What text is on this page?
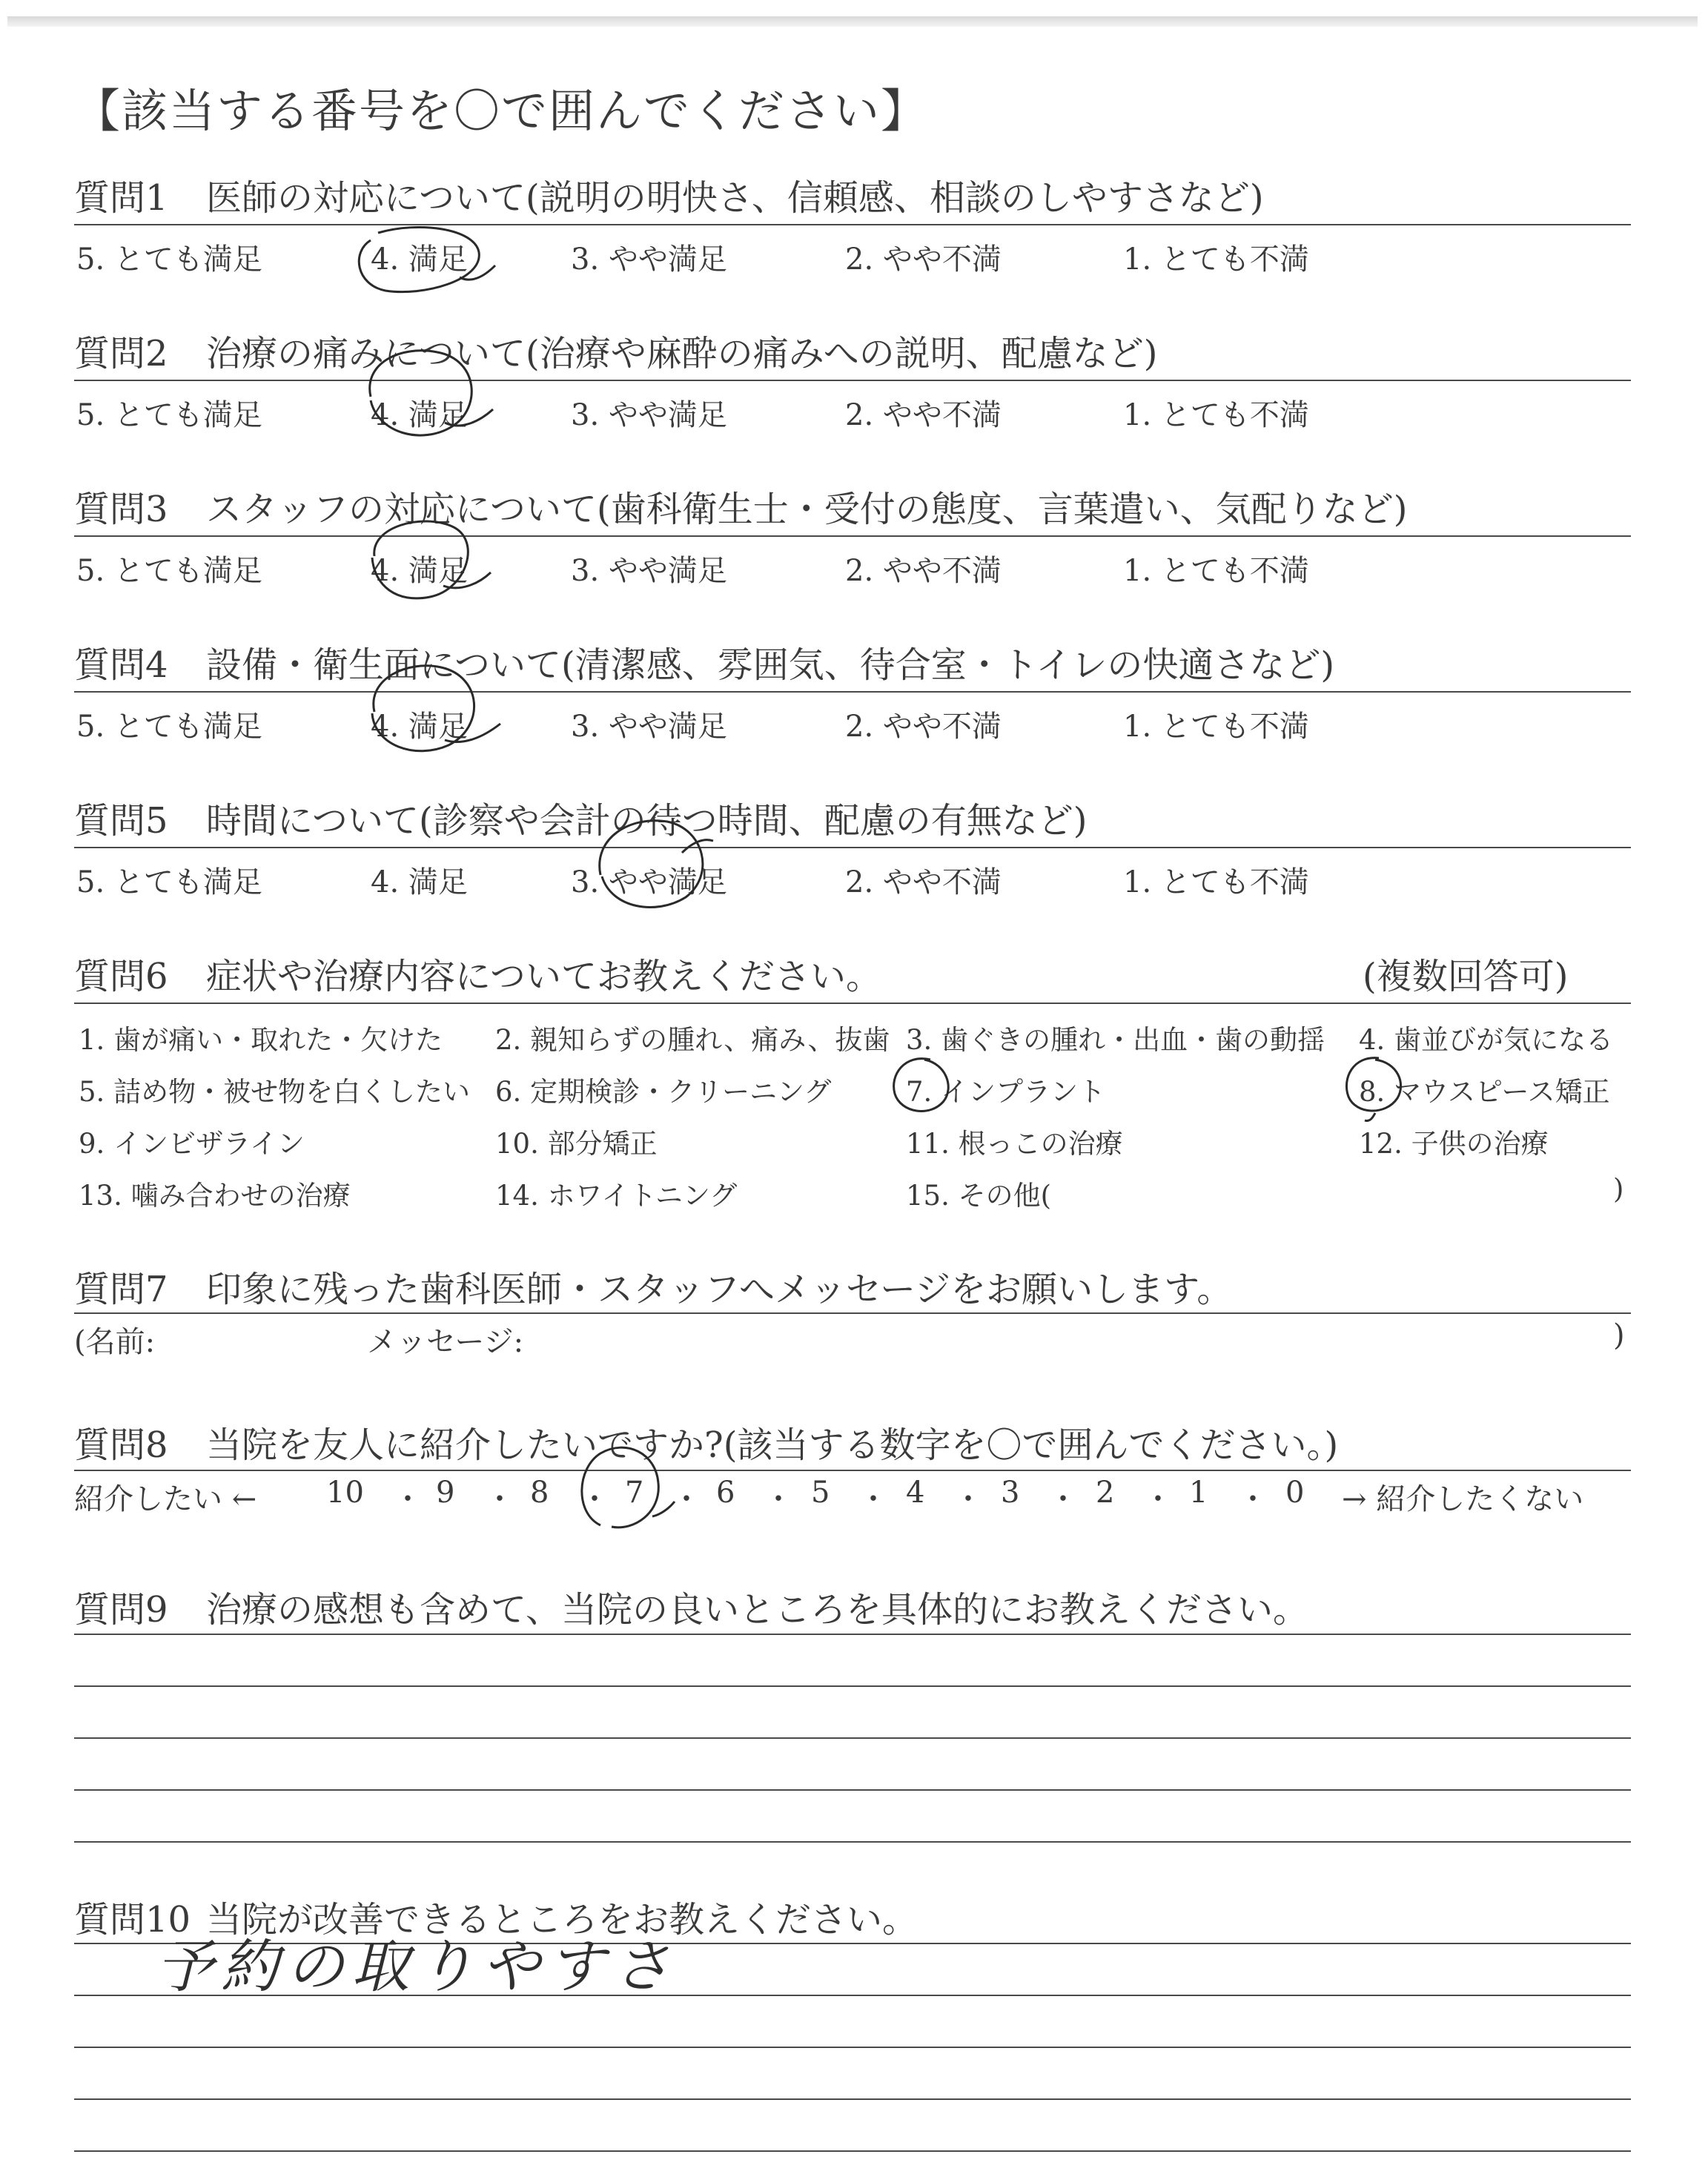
【該当する番号を〇で囲んでください】
質問1 医師の対応について(説明の明快さ、信頼感、相談のしやすさなど)
5. とても満足	4. 満足	3. やや満足	2. やや不満	1. とても不満
質問2 治療の痛みについて(治療や麻酔の痛みへの説明、配慮など)
5. とても満足	4. 満足	3. やや満足	2. やや不満	1. とても不満
質問3 スタッフの対応について(歯科衛生士・受付の態度、言葉遣い、気配りなど)
5. とても満足	4. 満足	3. やや満足	2. やや不満	1. とても不満
質問4 設備・衛生面について(清潔感、雰囲気、待合室・トイレの快適さなど)
5. とても満足	4. 満足	3. やや満足	2. やや不満	1. とても不満
質問5 時間について(診察や会計の待つ時間、配慮の有無など)
5. とても満足	4. 満足	3. やや満足	2. やや不満	1. とても不満
質問6 症状や治療内容についてお教えください。	(複数回答可)
1. 歯が痛い・取れた・欠けた 2. 親知らずの腫れ、痛み、抜歯 3. 歯ぐきの腫れ・出血・歯の動揺 4. 歯並びが気になる
5. 詰め物・被せ物を白くしたい 6. 定期検診・クリーニング	7. インプラント	8. マウスピース矯正
9. インビザライン	10. 部分矯正	11. 根っこの治療	12. 子供の治療
13. 噛み合わせの治療	14. ホワイトニング	15. その他(	)
質問7 印象に残った歯科医師・スタッフへメッセージをお願いします。
(名前:	メッセージ:	)
質問8 当院を友人に紹介したいですか?(該当する数字を〇で囲んでください。)
紹介したい ← 10 ・ 9 ・ 8 ・ 7 ・ 6 ・ 5 ・ 4 ・ 3 ・ 2 ・ 1 ・ 0 → 紹介したくない
質問9 治療の感想も含めて、当院の良いところを具体的にお教えください。
質問10 当院が改善できるところをお教えください。
予約の取りやすさ
